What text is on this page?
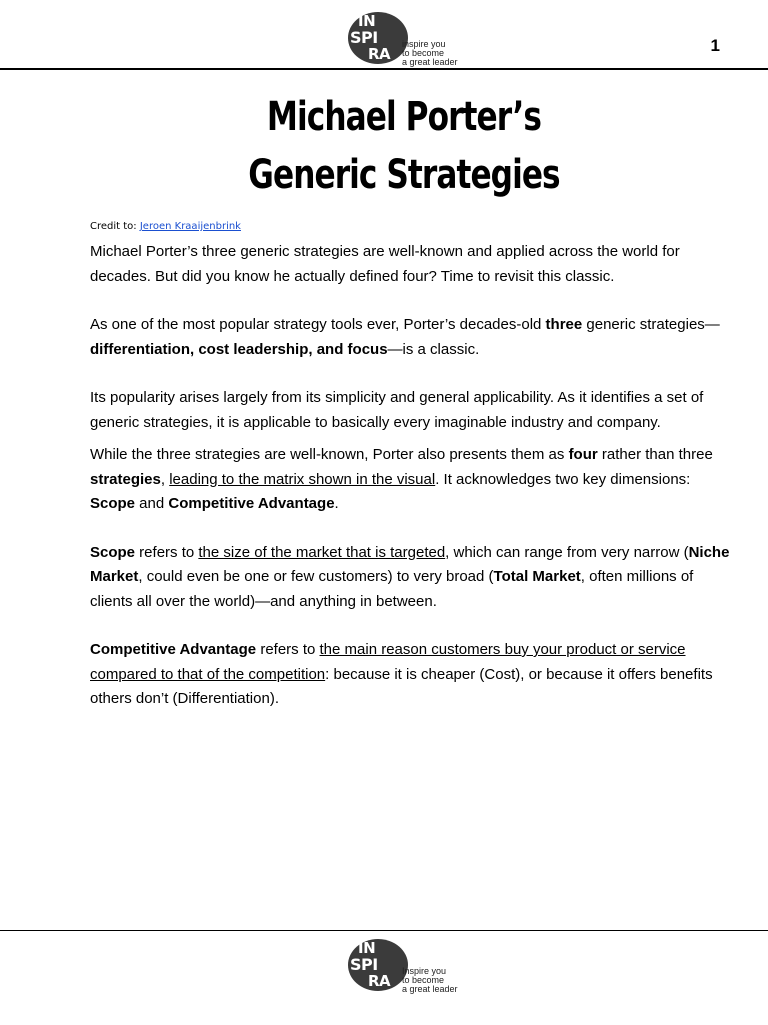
IN
SPI
RA
inspire you
to become
a great leader
1
Michael Porter’s
Generic Strategies
Credit to: Jeroen Kraaijenbrink

Michael Porter’s three generic strategies are well-known and applied across the world for decades. But did you know he actually defined four? Time to revisit this classic.

As one of the most popular strategy tools ever, Porter’s decades-old three generic strategies—differentiation, cost leadership, and focus—is a classic.

Its popularity arises largely from its simplicity and general applicability. As it identifies a set of generic strategies, it is applicable to basically every imaginable industry and company.

While the three strategies are well-known, Porter also presents them as four rather than three strategies, leading to the matrix shown in the visual. It acknowledges two key dimensions: Scope and Competitive Advantage.

Scope refers to the size of the market that is targeted, which can range from very narrow (Niche Market, could even be one or few customers) to very broad (Total Market, often millions of clients all over the world)—and anything in between.

Competitive Advantage refers to the main reason customers buy your product or service compared to that of the competition: because it is cheaper (Cost), or because it offers benefits others don’t (Differentiation).

IN
SPI
RA
Inspire you
to become
a great leader
